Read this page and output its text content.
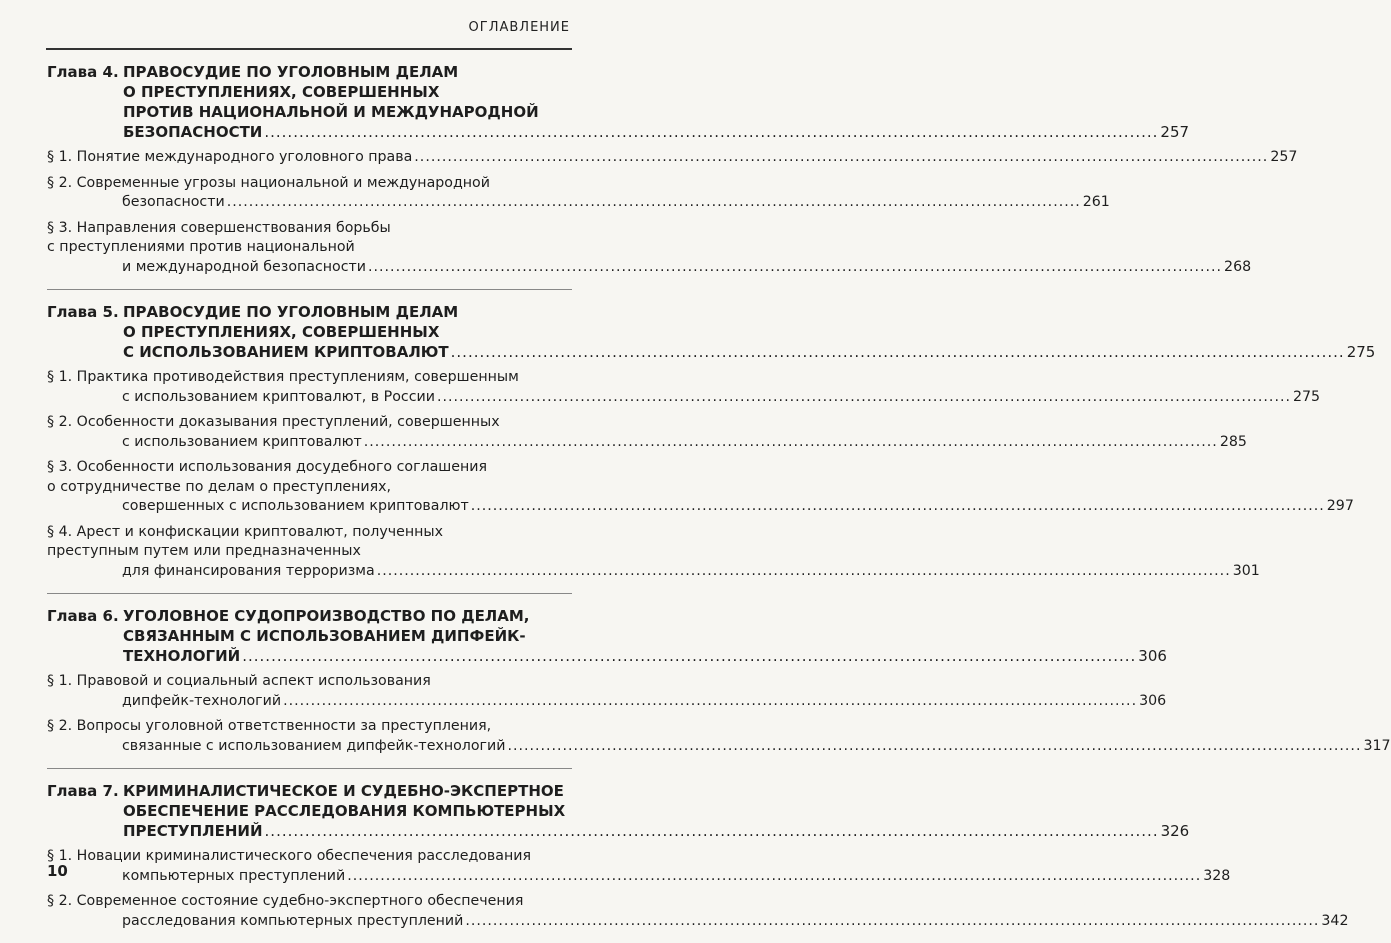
ОГЛАВЛЕНИЕ
Глава 4. ПРАВОСУДИЕ ПО УГОЛОВНЫМ ДЕЛАМ
О ПРЕСТУПЛЕНИЯХ, СОВЕРШЕННЫХ
ПРОТИВ НАЦИОНАЛЬНОЙ И МЕЖДУНАРОДНОЙ
БЕЗОПАСНОСТИ .....	257
§ 1. Понятие международного уголовного права .....	257
§ 2. Современные угрозы национальной и международной
безопасности .....	261
§ 3. Направления совершенствования борьбы
с преступлениями против национальной
и международной безопасности .....	268
Глава 5. ПРАВОСУДИЕ ПО УГОЛОВНЫМ ДЕЛАМ
О ПРЕСТУПЛЕНИЯХ, СОВЕРШЕННЫХ
С ИСПОЛЬЗОВАНИЕМ КРИПТОВАЛЮТ .....	275
§ 1. Практика противодействия преступлениям, совершенным
с использованием криптовалют, в России .....	275
§ 2. Особенности доказывания преступлений, совершенных
с использованием криптовалют .....	285
§ 3. Особенности использования досудебного соглашения
о сотрудничестве по делам о преступлениях,
совершенных с использованием криптовалют .....	297
§ 4. Арест и конфискации криптовалют, полученных
преступным путем или предназначенных
для финансирования терроризма .....	301
Глава 6. УГОЛОВНОЕ СУДОПРОИЗВОДСТВО ПО ДЕЛАМ,
СВЯЗАННЫМ С ИСПОЛЬЗОВАНИЕМ ДИПФЕЙК-
ТЕХНОЛОГИЙ .....	306
§ 1. Правовой и социальный аспект использования
дипфейк-технологий .....	306
§ 2. Вопросы уголовной ответственности за преступления,
связанные с использованием дипфейк-технологий .....	317
Глава 7. КРИМИНАЛИСТИЧЕСКОЕ И СУДЕБНО-ЭКСПЕРТНОЕ
ОБЕСПЕЧЕНИЕ РАССЛЕДОВАНИЯ КОМПЬЮТЕРНЫХ
ПРЕСТУПЛЕНИЙ .....	326
§ 1. Новации криминалистического обеспечения расследования
компьютерных преступлений .....	328
§ 2. Современное состояние судебно-экспертного обеспечения
расследования компьютерных преступлений .....	342
10
